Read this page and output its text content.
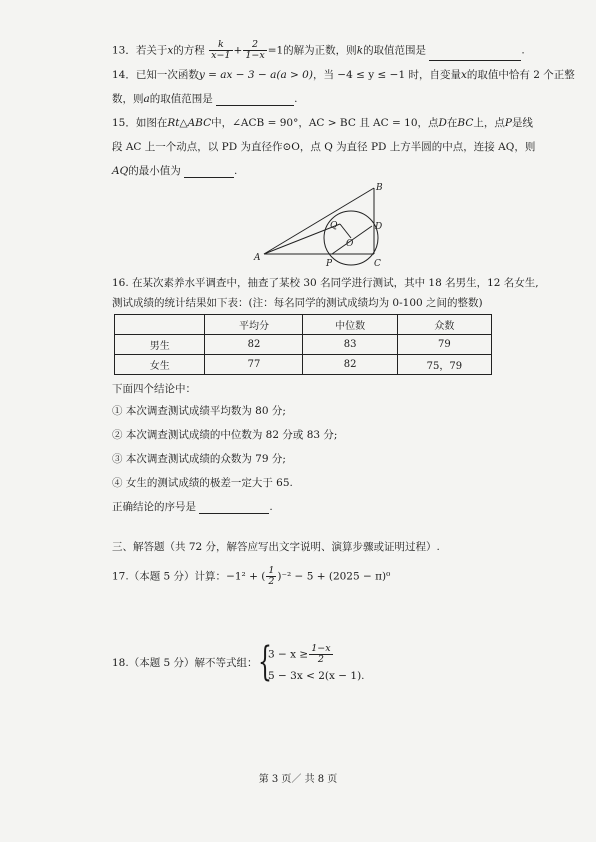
13．若关于x的方程 $\frac{k}{x-1} + \frac{2}{1-x} =1$的解为正数，则k的取值范围是	.
14．已知一次函数y = ax − 3 − a(a > 0)，当 −4 ≤ y ≤ −1 时，自变量x的取值中恰有 2 个正整
数，则a的取值范围是	.
15．如图在Rt△ABC中，∠ACB = 90°，AC > BC 且 AC = 10，点D在BC上，点P是线
段 AC 上一个动点，以 PD 为直径作⊙O，点 Q 为直径 PD 上方半圆的中点，连接 AQ，则
AQ的最小值为	.
A
B
C
D
P
O
Q
16. 在某次素养水平调查中，抽查了某校 30 名同学进行测试，其中 18 名男生，12 名女生,
测试成绩的统计结果如下表：(注：每名同学的测试成绩均为 0-100 之间的整数)
	平均分	中位数	众数
男生	82	83	79
女生	77	82	75，79
下面四个结论中：
① 本次调查测试成绩平均数为 80 分;
② 本次调查测试成绩的中位数为 82 分或 83 分;
③ 本次调查测试成绩的众数为 79 分;
④ 女生的测试成绩的极差一定大于 65.
正确结论的序号是	.
三、解答题（共 72 分，解答应写出文字说明、演算步骤或证明过程）.
17.（本题 5 分）计算：−1² + ( $\frac{1}{2} )^{-2} - 5 + (2025 - \pi)^0$
18.（本题 5 分）解不等式组： {
$3 - x \ge \frac{1-x}{2}$
5 − 3x < 2(x − 1).
第 3 页／ 共 8 页
